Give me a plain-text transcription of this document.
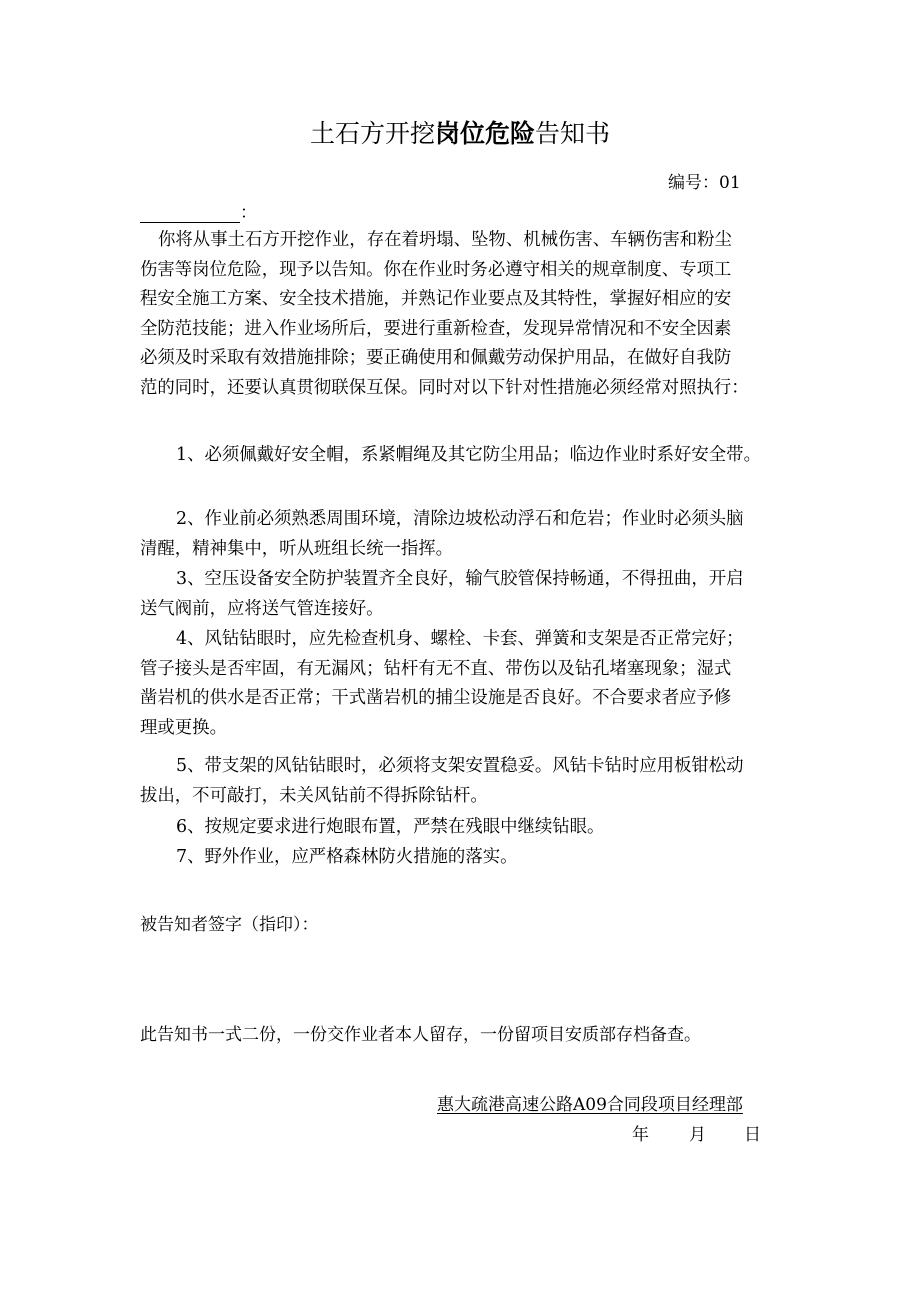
土石方开挖岗位危险告知书
编号：01
：
你将从事土石方开挖作业，存在着坍塌、坠物、机械伤害、车辆伤害和粉尘
伤害等岗位危险，现予以告知。你在作业时务必遵守相关的规章制度、专项工
程安全施工方案、安全技术措施，并熟记作业要点及其特性，掌握好相应的安
全防范技能；进入作业场所后，要进行重新检查，发现异常情况和不安全因素
必须及时采取有效措施排除；要正确使用和佩戴劳动保护用品，在做好自我防
范的同时，还要认真贯彻联保互保。同时对以下针对性措施必须经常对照执行：
1、必须佩戴好安全帽，系紧帽绳及其它防尘用品；临边作业时系好安全带。
2、作业前必须熟悉周围环境，清除边坡松动浮石和危岩；作业时必须头脑
清醒，精神集中，听从班组长统一指挥。
3、空压设备安全防护装置齐全良好，输气胶管保持畅通，不得扭曲，开启
送气阀前，应将送气管连接好。
4、风钻钻眼时，应先检查机身、螺栓、卡套、弹簧和支架是否正常完好；
管子接头是否牢固，有无漏风；钻杆有无不直、带伤以及钻孔堵塞现象；湿式
凿岩机的供水是否正常；干式凿岩机的捕尘设施是否良好。不合要求者应予修
理或更换。
5、带支架的风钻钻眼时，必须将支架安置稳妥。风钻卡钻时应用板钳松动
拔出，不可敲打，未关风钻前不得拆除钻杆。
6、按规定要求进行炮眼布置，严禁在残眼中继续钻眼。
7、野外作业，应严格森林防火措施的落实。
被告知者签字（指印）：
此告知书一式二份，一份交作业者本人留存，一份留项目安质部存档备查。
惠大疏港高速公路A09合同段项目经理部
年 月 日
